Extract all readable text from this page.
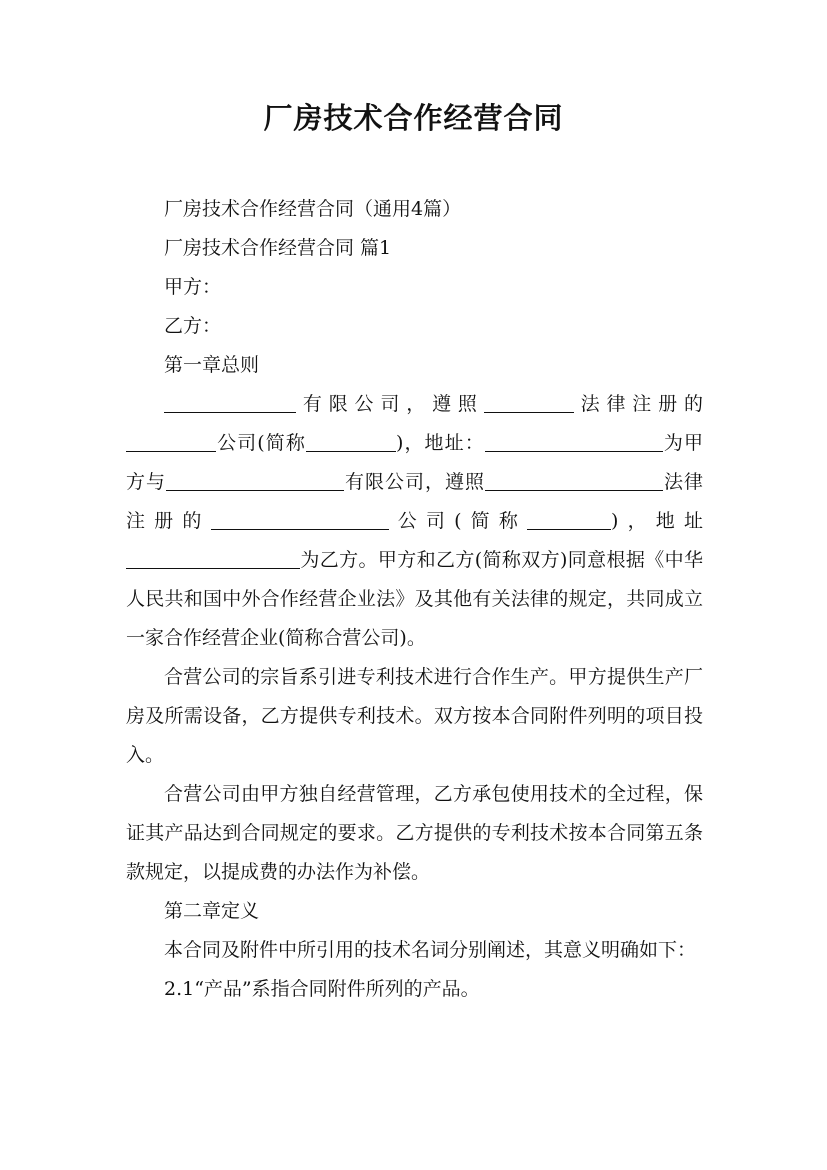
厂房技术合作经营合同

厂房技术合作经营合同（通用4篇）

厂房技术合作经营合同 篇1

甲方：

乙方：

第一章总则

有限公司，遵照	法律注册的公司(简称	)，地址：	为甲方与	有限公司，遵照	法律注册的	公司(简称	)，地址为乙方。甲方和乙方(简称双方)同意根据《中华人民共和国中外合作经营企业法》及其他有关法律的规定，共同成立一家合作经营企业(简称合营公司)。

合营公司的宗旨系引进专利技术进行合作生产。甲方提供生产厂房及所需设备，乙方提供专利技术。双方按本合同附件列明的项目投入。

合营公司由甲方独自经营管理，乙方承包使用技术的全过程，保证其产品达到合同规定的要求。乙方提供的专利技术按本合同第五条款规定，以提成费的办法作为补偿。

第二章定义

本合同及附件中所引用的技术名词分别阐述，其意义明确如下：

2.1“产品”系指合同附件所列的产品。
